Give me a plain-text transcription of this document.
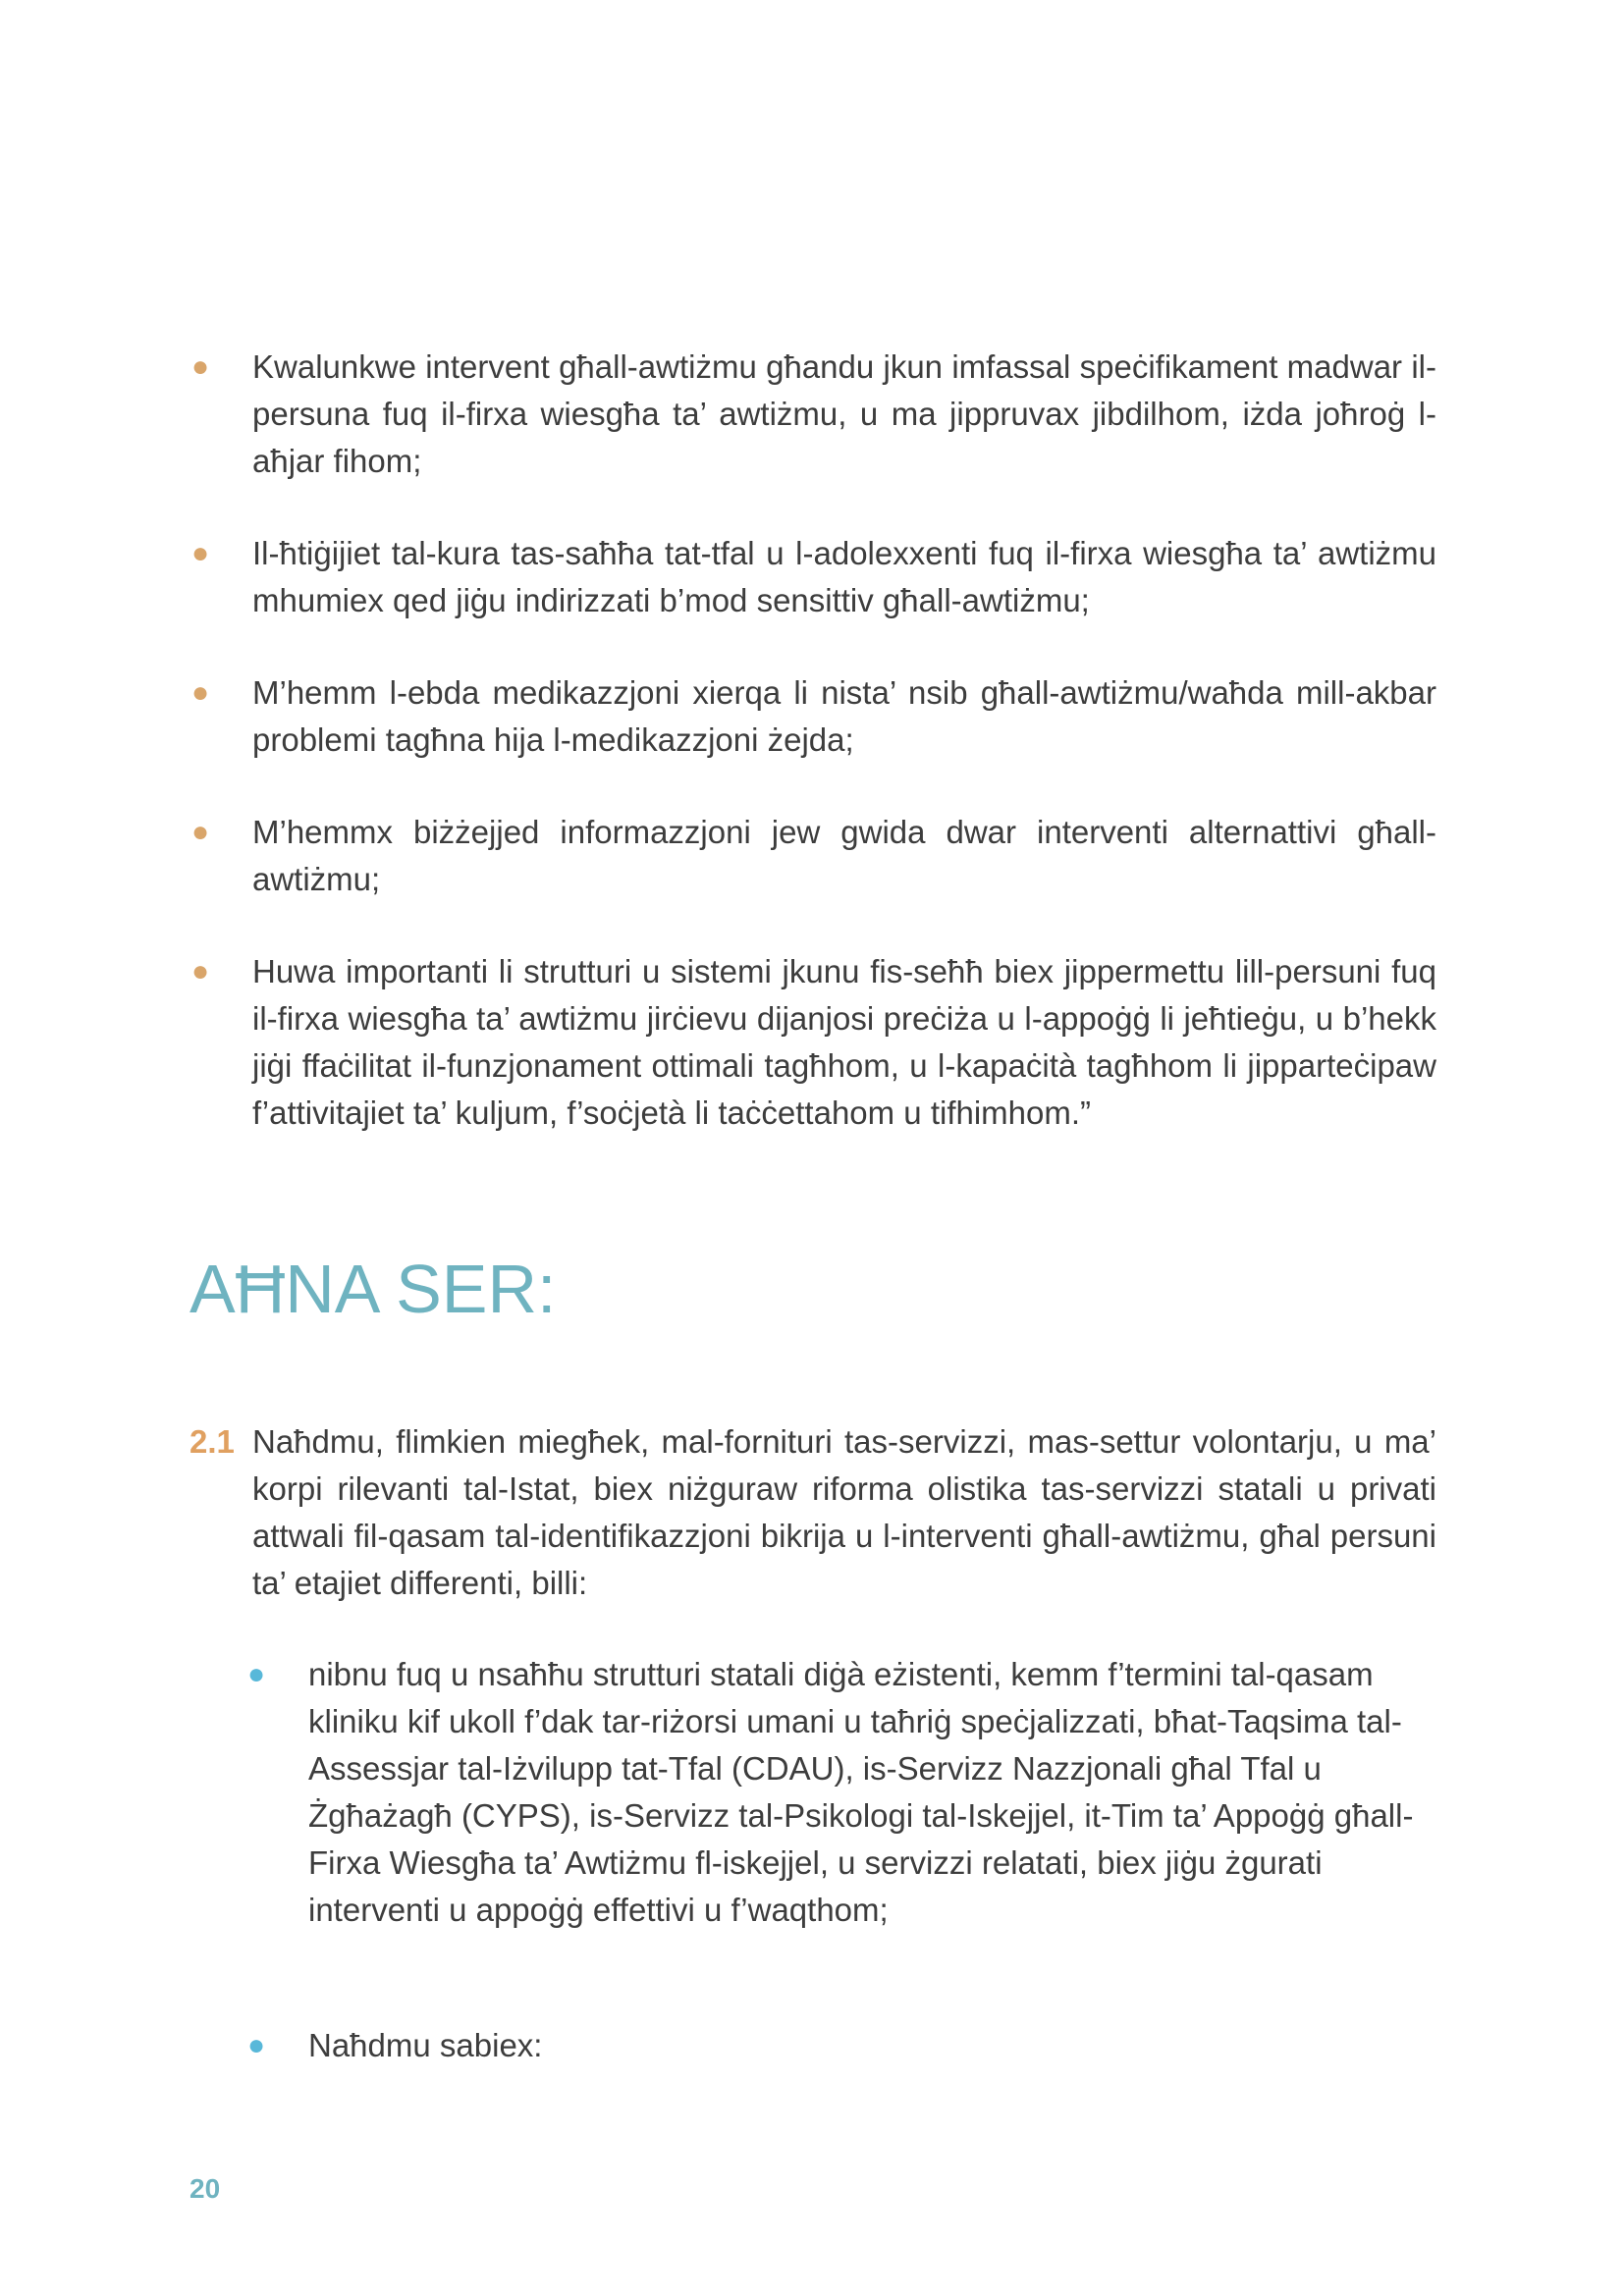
● Kwalunkwe intervent għall-awtiżmu għandu jkun imfassal speċifikament madwar il-persuna fuq il-firxa wiesgħa ta’ awtiżmu, u ma jippruvax jibdilhom, iżda joħroġ l-aħjar fihom;
● Il-ħtiġijiet tal-kura tas-saħħa tat-tfal u l-adolexxenti fuq il-firxa wiesgħa ta’ awtiżmu mhumiex qed jiġu indirizzati b’mod sensittiv għall-awtiżmu;
● M’hemm l-ebda medikazzjoni xierqa li nista’ nsib għall-awtiżmu/waħda mill-akbar problemi tagħna hija l-medikazzjoni żejda;
● M’hemmx biżżejjed informazzjoni jew gwida dwar interventi alternattivi għall-awtiżmu;
● Huwa importanti li strutturi u sistemi jkunu fis-seħħ biex jippermettu lill-persuni fuq il-firxa wiesgħa ta’ awtiżmu jirċievu dijanjosi preċiża u l-appoġġ li jeħtieġu, u b’hekk jiġi ffaċilitat il-funzjonament ottimali tagħhom, u l-kapaċità tagħhom li jipparteċipaw f’attivitajiet ta’ kuljum, f’soċjetà li taċċettahom u tifhimhom.”
AĦNA SER:
2.1 Naħdmu, flimkien miegħek, mal-fornituri tas-servizzi, mas-settur volontarju, u ma’ korpi rilevanti tal-Istat, biex niżguraw riforma olistika tas-servizzi statali u privati attwali fil-qasam tal-identifikazzjoni bikrija u l-interventi għall-awtiżmu, għal persuni ta’ etajiet differenti, billi:

● nibnu fuq u nsaħħu strutturi statali diġà eżistenti, kemm f’termini tal-qasam kliniku kif ukoll f’dak tar-riżorsi umani u taħriġ speċjalizzati, bħat-Taqsima tal-Assessjar tal-Iżvilupp tat-Tfal (CDAU), is-Servizz Nazzjonali għal Tfal u Żgħażagħ (CYPS), is-Servizz tal-Psikologi tal-Iskejjel, it-Tim ta’ Appoġġ għall-Firxa Wiesgħa ta’ Awtiżmu fl-iskejjel, u servizzi relatati, biex jiġu żgurati interventi u appoġġ effettivi u f’waqthom;
● Naħdmu sabiex:
20
